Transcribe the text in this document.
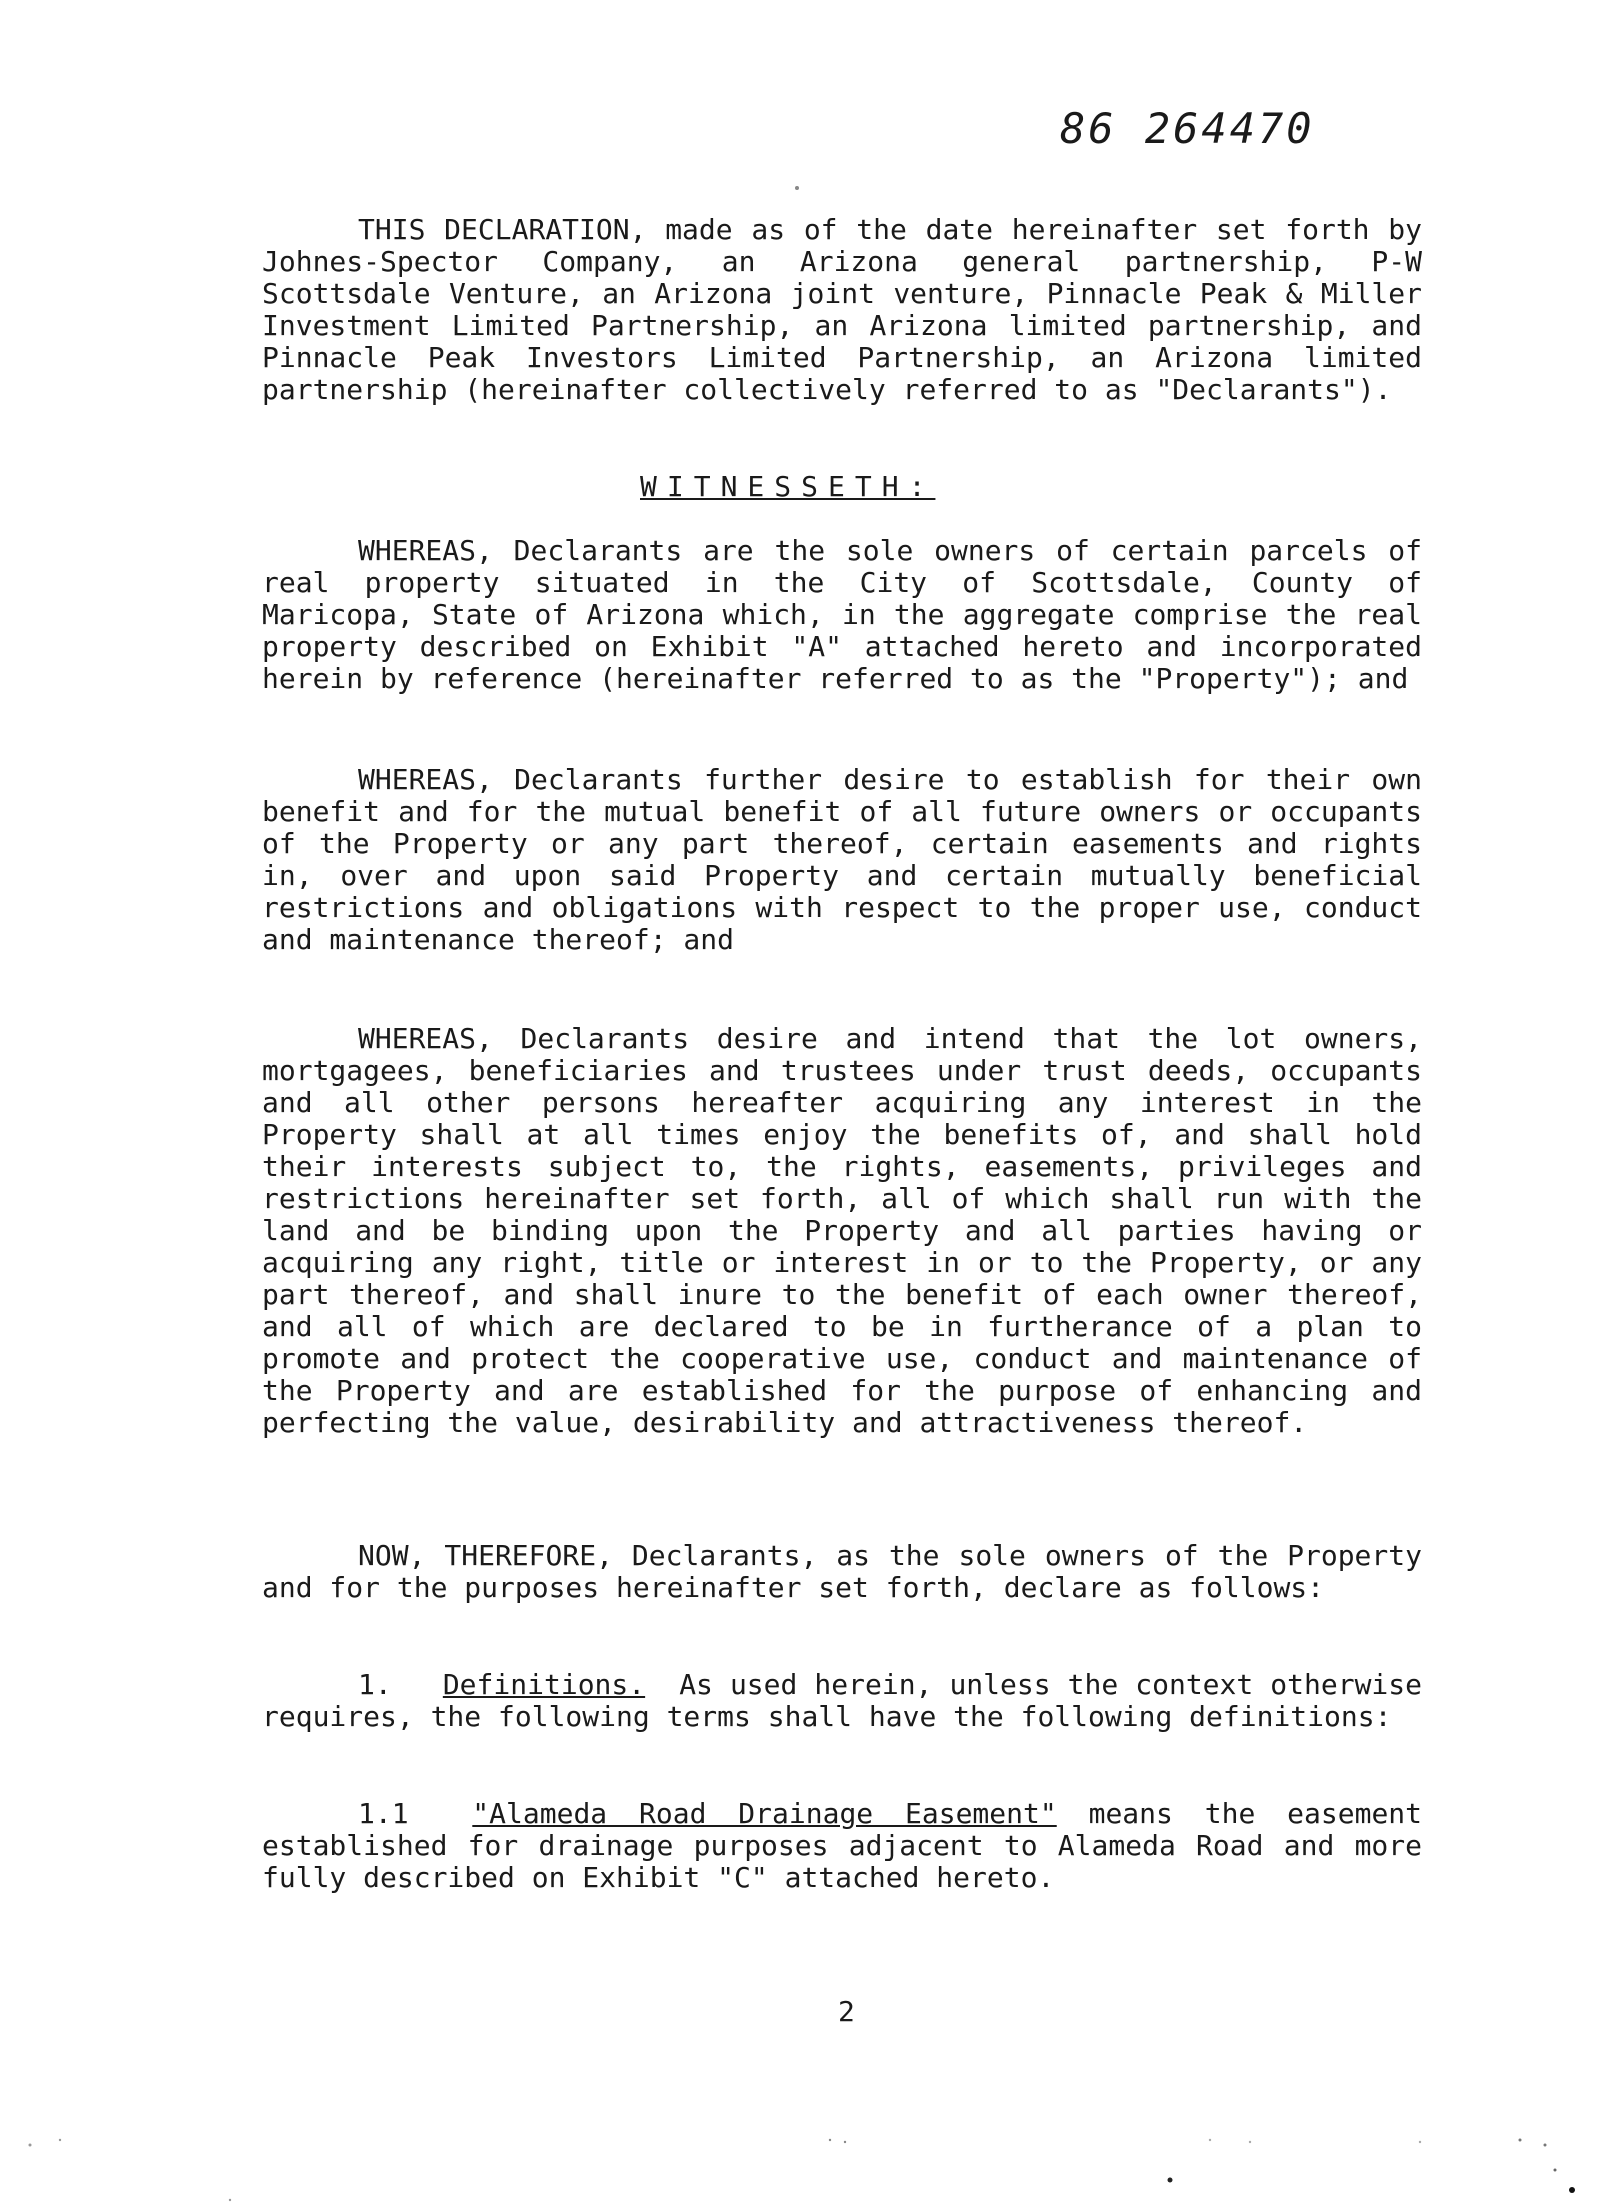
86 264470

THIS DECLARATION, made as of the date hereinafter set forth by Johnes-Spector Company, an Arizona general partnership, P-W Scottsdale Venture, an Arizona joint venture, Pinnacle Peak & Miller Investment Limited Partnership, an Arizona limited partnership, and Pinnacle Peak Investors Limited Partnership, an Arizona limited partnership (hereinafter collectively referred to as "Declarants").

WITNESSETH:

WHEREAS, Declarants are the sole owners of certain parcels of real property situated in the City of Scottsdale, County of Maricopa, State of Arizona which, in the aggregate comprise the real property described on Exhibit "A" attached hereto and incorporated herein by reference (hereinafter referred to as the "Property"); and

WHEREAS, Declarants further desire to establish for their own benefit and for the mutual benefit of all future owners or occupants of the Property or any part thereof, certain easements and rights in, over and upon said Property and certain mutually beneficial restrictions and obligations with respect to the proper use, conduct and maintenance thereof; and

WHEREAS, Declarants desire and intend that the lot owners, mortgagees, beneficiaries and trustees under trust deeds, occupants and all other persons hereafter acquiring any interest in the Property shall at all times enjoy the benefits of, and shall hold their interests subject to, the rights, easements, privileges and restrictions hereinafter set forth, all of which shall run with the land and be binding upon the Property and all parties having or acquiring any right, title or interest in or to the Property, or any part thereof, and shall inure to the benefit of each owner thereof, and all of which are declared to be in furtherance of a plan to promote and protect the cooperative use, conduct and maintenance of the Property and are established for the purpose of enhancing and perfecting the value, desirability and attractiveness thereof.

NOW, THEREFORE, Declarants, as the sole owners of the Property and for the purposes hereinafter set forth, declare as follows:

1. Definitions. As used herein, unless the context otherwise requires, the following terms shall have the following definitions:

1.1 "Alameda Road Drainage Easement" means the easement established for drainage purposes adjacent to Alameda Road and more fully described on Exhibit "C" attached hereto.

2
